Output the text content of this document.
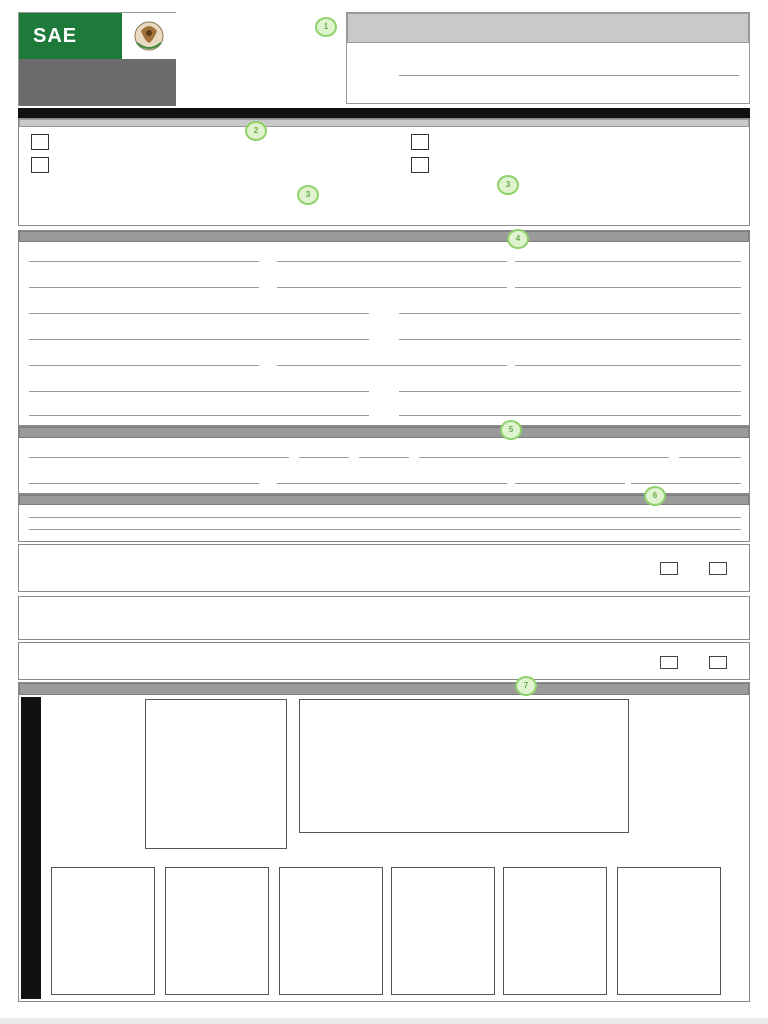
SAE	1
2
3
3
4
5
6
7
